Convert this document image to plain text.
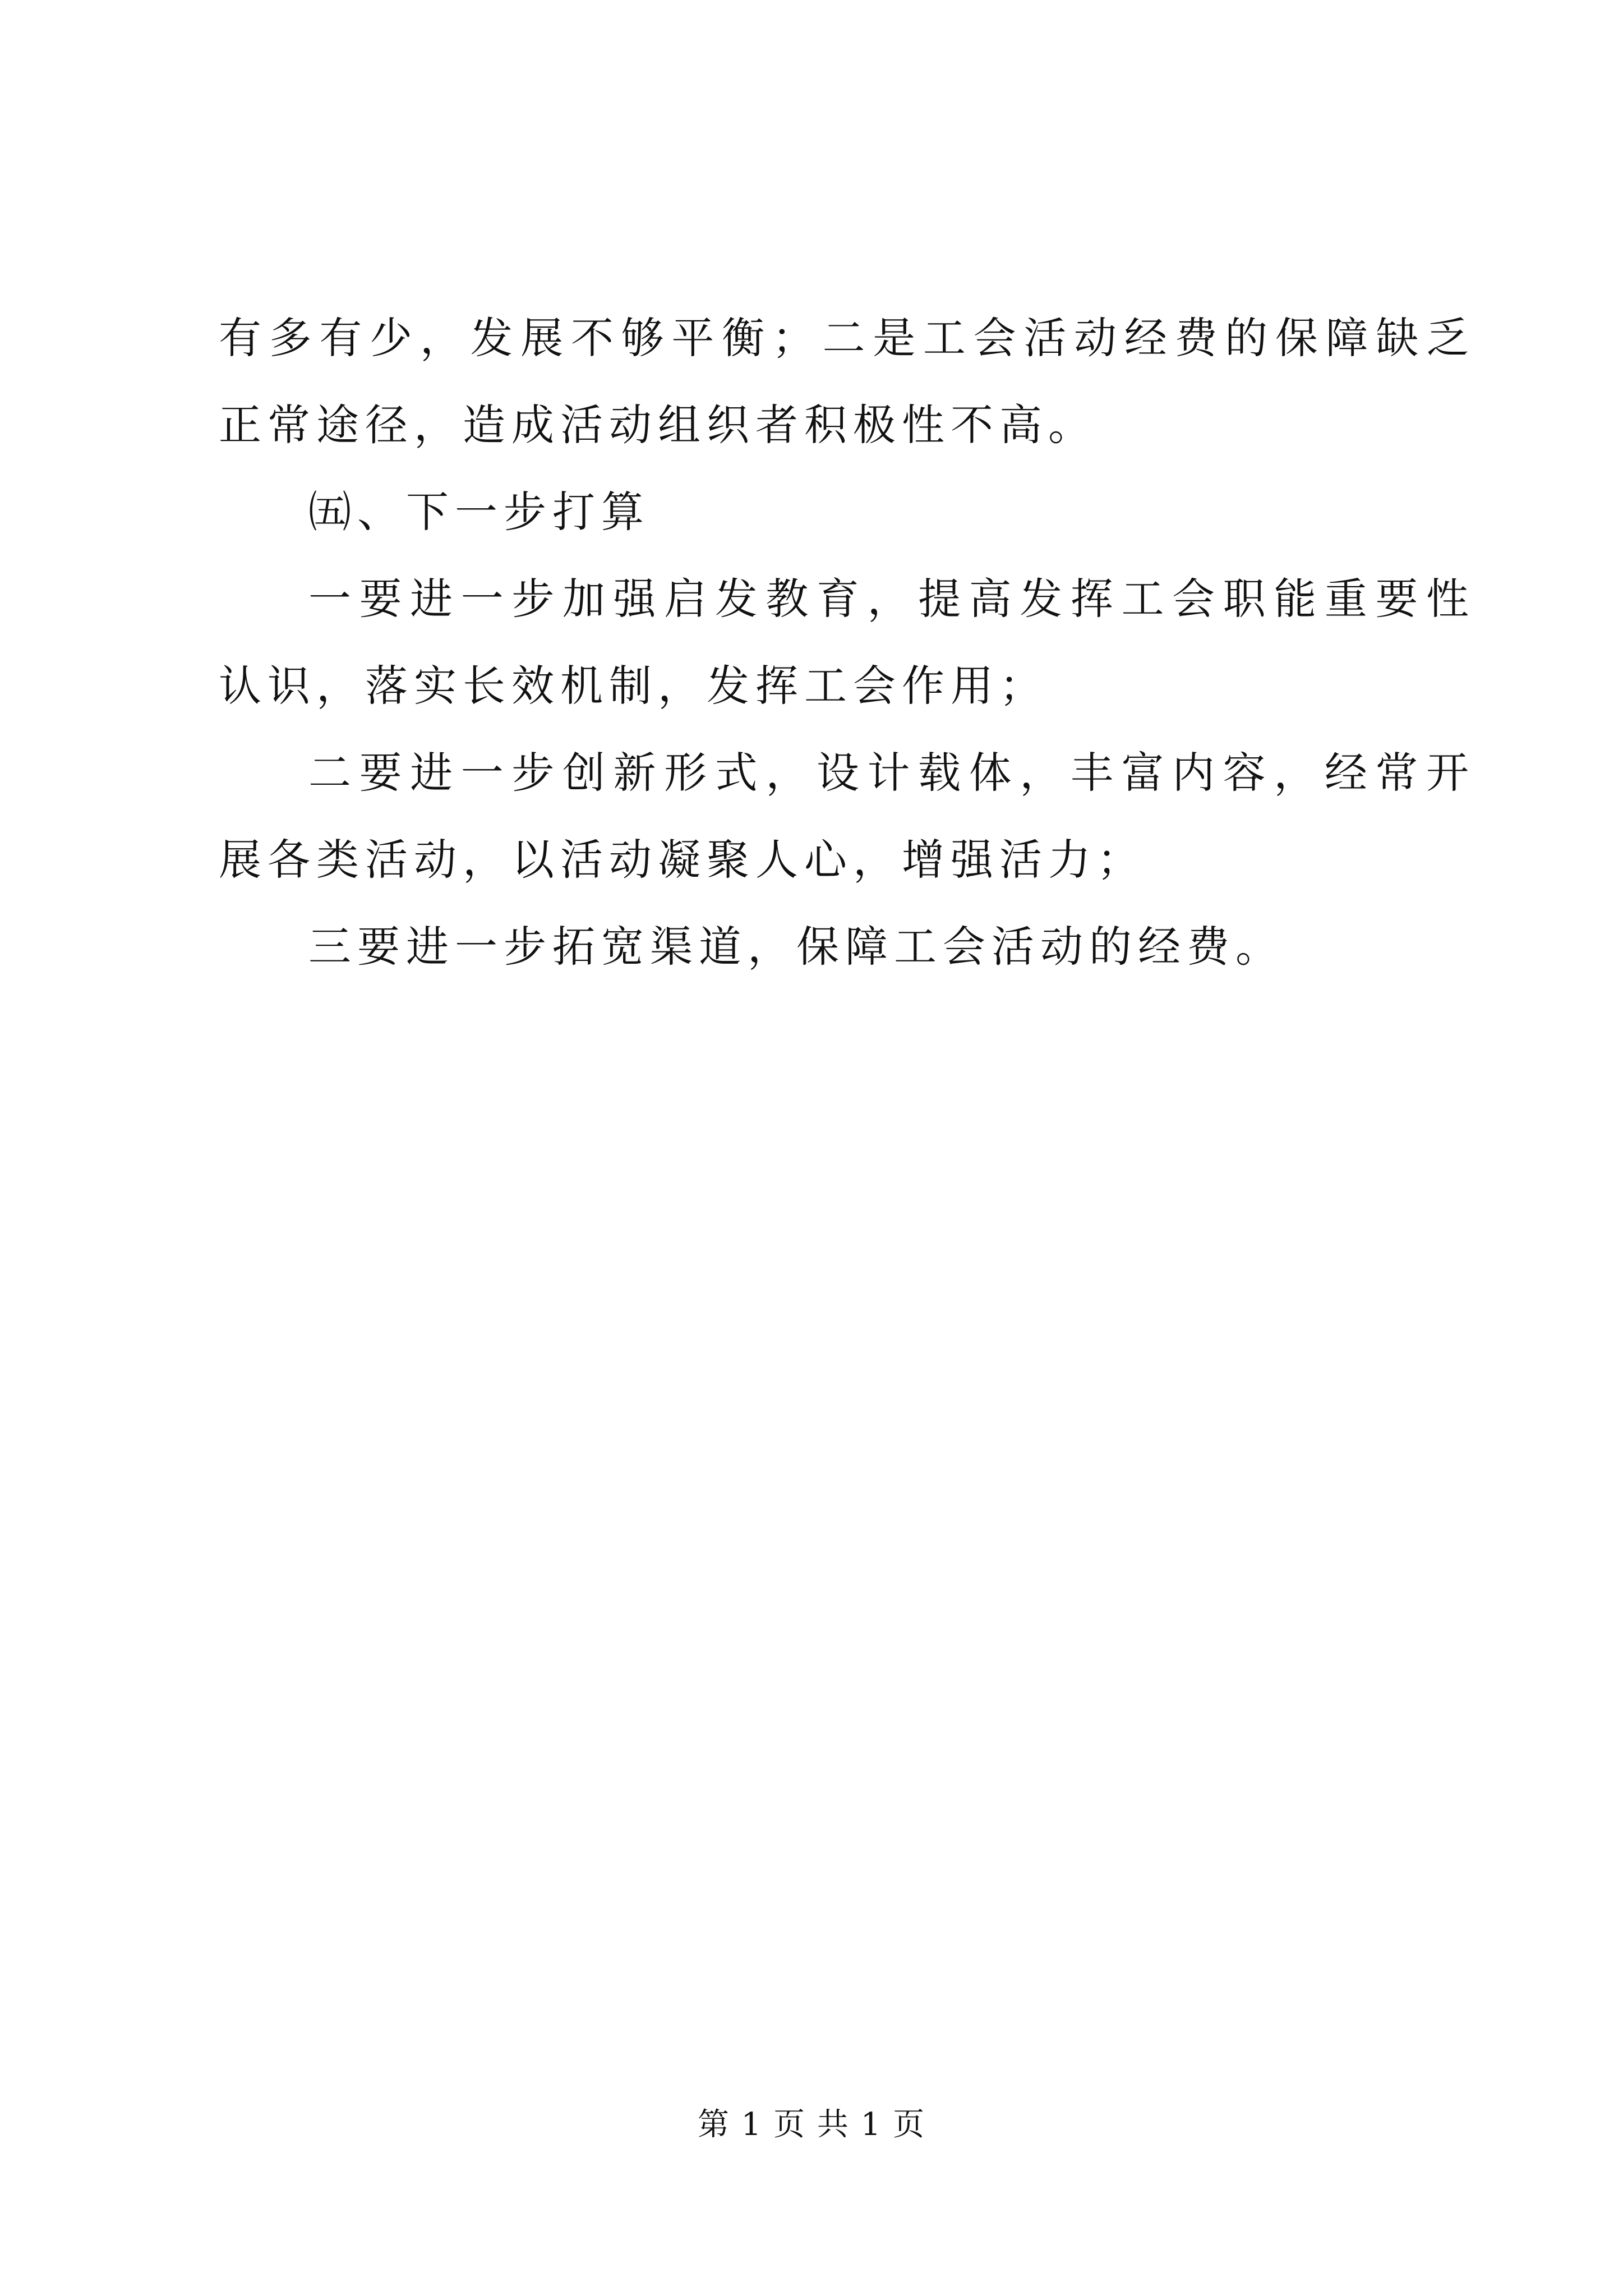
有多有少，发展不够平衡；二是工会活动经费的保障缺乏正常途径，造成活动组织者积极性不高。

㈤、下一步打算

一要进一步加强启发教育，提高发挥工会职能重要性认识，落实长效机制，发挥工会作用；

二要进一步创新形式，设计载体，丰富内容，经常开展各类活动，以活动凝聚人心，增强活力；

三要进一步拓宽渠道，保障工会活动的经费。

第 1 页 共 1 页
